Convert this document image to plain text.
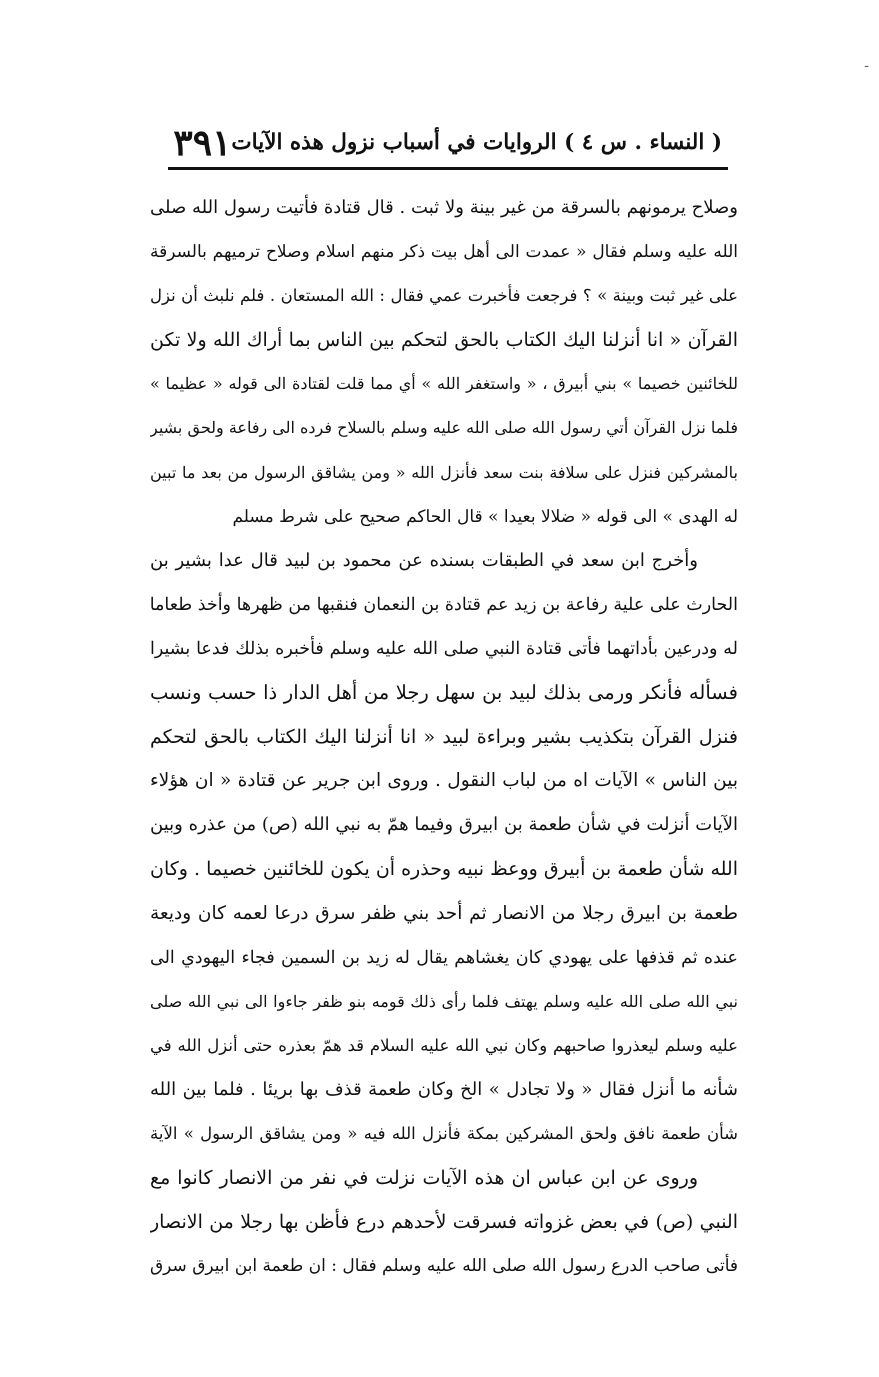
-
( النساء . س ٤ ) الروايات في أسباب نزول هذه الآيات
٣٩١
وصلاح يرمونهم بالسرقة من غير بينة ولا ثبت . قال قتادة فأتيت رسول الله صلى
الله عليه وسلم فقال « عمدت الى أهل بيت ذكر منهم اسلام وصلاح ترميهم بالسرقة
على غير ثبت وبينة » ؟ فرجعت فأخبرت عمي فقال : الله المستعان . فلم نلبث أن نزل
القرآن « انا أنزلنا اليك الكتاب بالحق لتحكم بين الناس بما أراك الله ولا تكن
للخائنين خصيما » بني أبيرق ، « واستغفر الله » أي مما قلت لقتادة الى قوله « عظيما »
فلما نزل القرآن أتي رسول الله صلى الله عليه وسلم بالسلاح فرده الى رفاعة ولحق بشير
بالمشركين فنزل على سلافة بنت سعد فأنزل الله « ومن يشاقق الرسول من بعد ما تبين
له الهدى » الى قوله « ضلالا بعيدا » قال الحاكم صحيح على شرط مسلم
وأخرج ابن سعد في الطبقات بسنده عن محمود بن لبيد قال عدا بشير بن
الحارث على علية رفاعة بن زيد عم قتادة بن النعمان فنقبها من ظهرها وأخذ طعاما
له ودرعين بأداتهما فأتى قتادة النبي صلى الله عليه وسلم فأخبره بذلك فدعا بشيرا
فسأله فأنكر ورمى بذلك لبيد بن سهل رجلا من أهل الدار ذا حسب ونسب
فنزل القرآن بتكذيب بشير وبراءة لبيد « انا أنزلنا اليك الكتاب بالحق لتحكم
بين الناس » الآيات اه من لباب النقول . وروى ابن جرير عن قتادة « ان هؤلاء
الآيات أنزلت في شأن طعمة بن ابيرق وفيما همّ به نبي الله (ص) من عذره وبين
الله شأن طعمة بن أبيرق ووعظ نبيه وحذره أن يكون للخائنين خصيما . وكان
طعمة بن ابيرق رجلا من الانصار ثم أحد بني ظفر سرق درعا لعمه كان وديعة
عنده ثم قذفها على يهودي كان يغشاهم يقال له زيد بن السمين فجاء اليهودي الى
نبي الله صلى الله عليه وسلم يهتف فلما رأى ذلك قومه بنو ظفر جاءوا الى نبي الله صلى
عليه وسلم ليعذروا صاحبهم وكان نبي الله عليه السلام قد همّ بعذره حتى أنزل الله في
شأنه ما أنزل فقال « ولا تجادل » الخ وكان طعمة قذف بها بريئا . فلما بين الله
شأن طعمة نافق ولحق المشركين بمكة فأنزل الله فيه « ومن يشاقق الرسول » الآية
وروى عن ابن عباس ان هذه الآيات نزلت في نفر من الانصار كانوا مع
النبي (ص) في بعض غزواته فسرقت لأحدهم درع فأظن بها رجلا من الانصار
فأتى صاحب الدرع رسول الله صلى الله عليه وسلم فقال : ان طعمة ابن ابيرق سرق
